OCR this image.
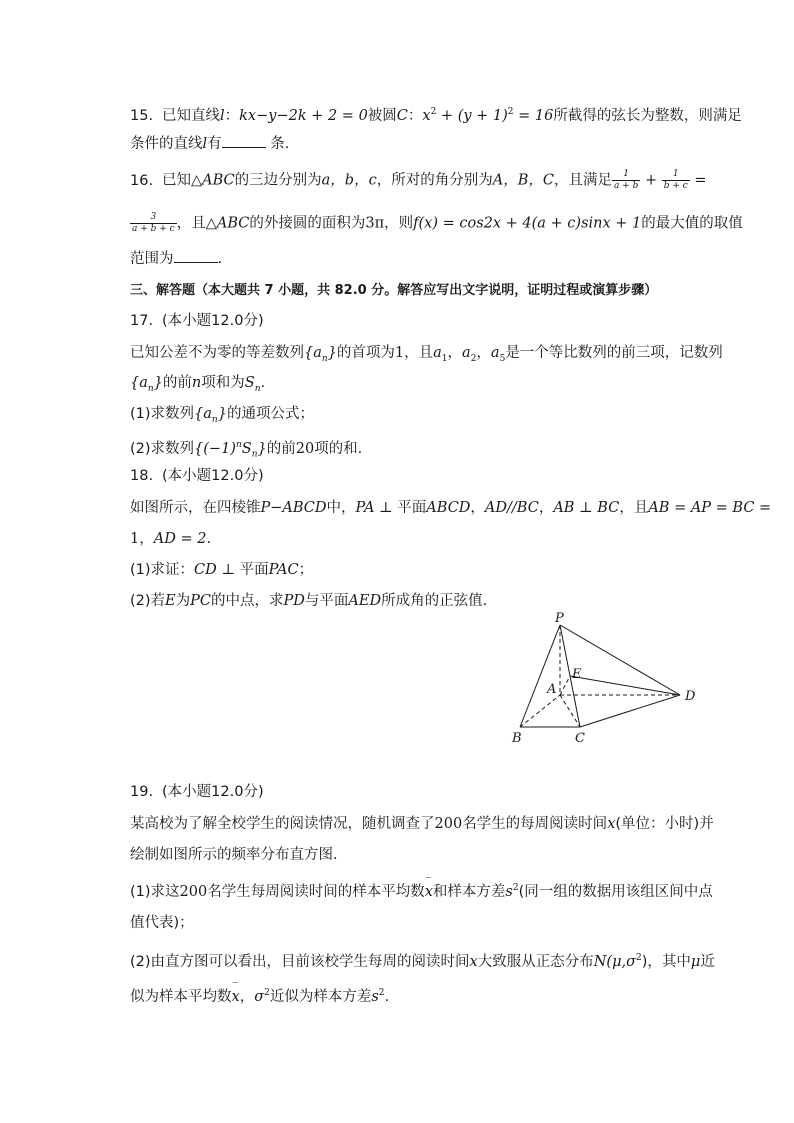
15. 已知直线l：kx−y−2k + 2 = 0被圆C：$x^2 + (y + 1)^2 = 16$所截得的弦长为整数，则满足
条件的直线l有	条.
16. 已知△ABC的三边分别为a，b，c，所对的角分别为A，B，C，且满足 $\frac{1}{a + b} + \frac{1}{b + c}$ =
$\frac{3}{a + b + c}$ ，且△ABC的外接圆的面积为3π，则f(x) = cos2x + 4(a + c)sinx + 1的最大值的取值
范围为	.
三、解答题（本大题共 7 小题，共 82.0 分。解答应写出文字说明，证明过程或演算步骤）
17. (本小题12.0分)
已知公差不为零的等差数列$\{a_n\}$的首项为1，且$a_1$，$a_2$，$a_5$是一个等比数列的前三项，记数列
$\{a_n\}$的前n项和为$S_n$.
(1)求数列$\{a_n\}$的通项公式；
(2)求数列$\{(-1)^nS_n\}$的前20项的和.
18. (本小题12.0分)
如图所示，在四棱锥P−ABCD中，PA ⊥ 平面ABCD，AD//BC，AB ⊥ BC，且AB = AP = BC =
1，AD = 2.
(1)求证：CD ⊥ 平面PAC；
(2)若E为PC的中点，求PD与平面AED所成角的正弦值.
P
E
A	D
B	C
19. (本小题12.0分)
某高校为了解全校学生的阅读情况，随机调查了200名学生的每周阅读时间x(单位：小时)并
绘制如图所示的频率分布直方图.
(1)求这200名学生每周阅读时间的样本平均数‾ x和样本方差$s^2$(同一组的数据用该组区间中点
值代表)；
(2)由直方图可以看出，目前该校学生每周的阅读时间x大致服从正态分布$N(\mu,\sigma^2)$，其中μ近
似为样本平均数‾ x，$\sigma^2$近似为样本方差$s^2$.
